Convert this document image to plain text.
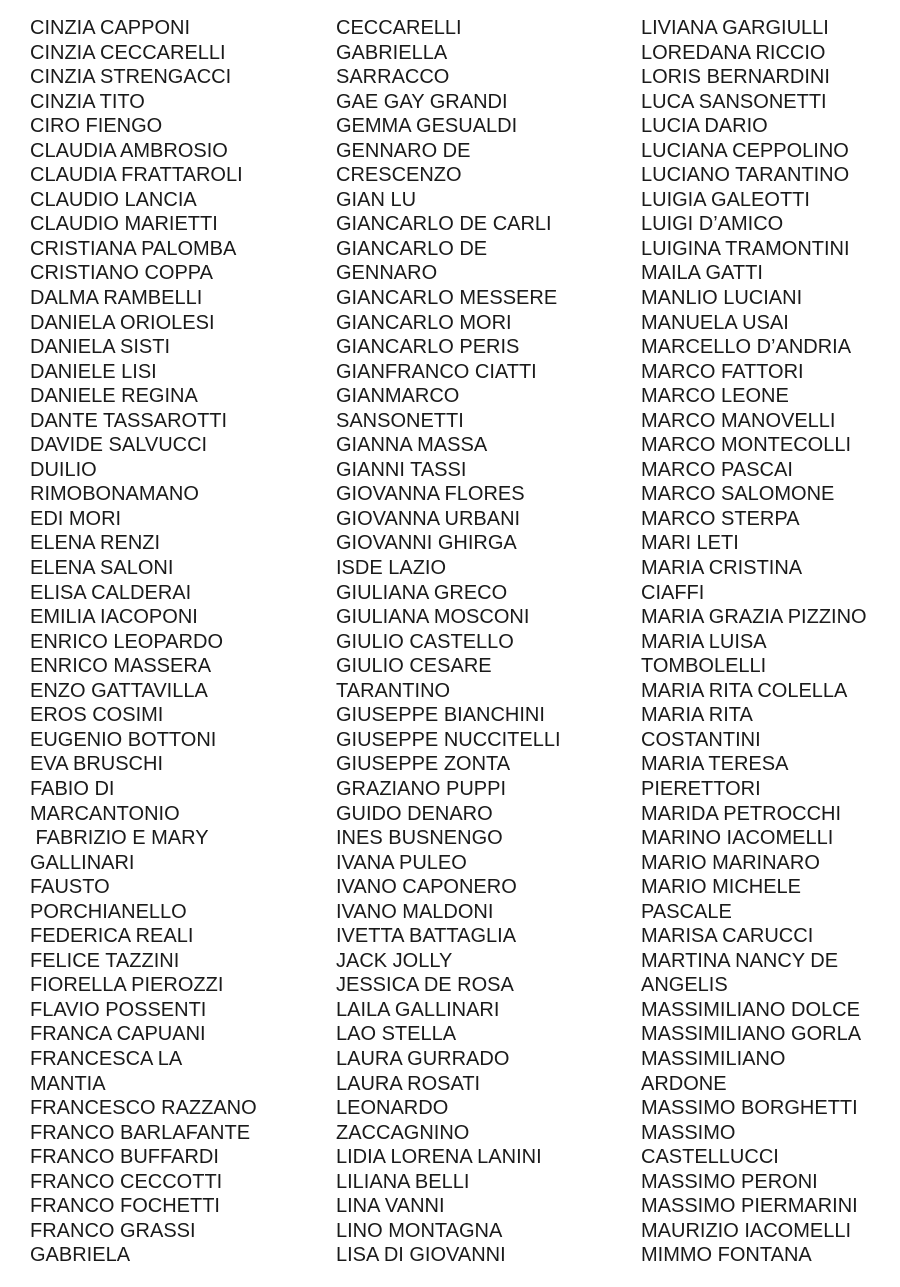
CINZIA CAPPONI
CINZIA CECCARELLI
CINZIA STRENGACCI
CINZIA TITO
CIRO FIENGO
CLAUDIA AMBROSIO
CLAUDIA FRATTAROLI
CLAUDIO LANCIA
CLAUDIO MARIETTI
CRISTIANA PALOMBA
CRISTIANO COPPA
DALMA RAMBELLI
DANIELA ORIOLESI
DANIELA SISTI
DANIELE LISI
DANIELE REGINA
DANTE TASSAROTTI
DAVIDE SALVUCCI
DUILIO
RIMOBONAMANO
EDI MORI
ELENA RENZI
ELENA SALONI
ELISA CALDERAI
EMILIA IACOPONI
ENRICO LEOPARDO
ENRICO MASSERA
ENZO GATTAVILLA
EROS COSIMI
EUGENIO BOTTONI
EVA BRUSCHI
FABIO DI
MARCANTONIO
FABRIZIO E MARY
GALLINARI
FAUSTO
PORCHIANELLO
FEDERICA REALI
FELICE TAZZINI
FIORELLA PIEROZZI
FLAVIO POSSENTI
FRANCA CAPUANI
FRANCESCA LA
MANTIA
FRANCESCO RAZZANO
FRANCO BARLAFANTE
FRANCO BUFFARDI
FRANCO CECCOTTI
FRANCO FOCHETTI
FRANCO GRASSI
GABRIELA
CECCARELLI
GABRIELLA
SARRACCO
GAE GAY GRANDI
GEMMA GESUALDI
GENNARO DE
CRESCENZO
GIAN LU
GIANCARLO DE CARLI
GIANCARLO DE
GENNARO
GIANCARLO MESSERE
GIANCARLO MORI
GIANCARLO PERIS
GIANFRANCO CIATTI
GIANMARCO
SANSONETTI
GIANNA MASSA
GIANNI TASSI
GIOVANNA FLORES
GIOVANNA URBANI
GIOVANNI GHIRGA
ISDE LAZIO
GIULIANA GRECO
GIULIANA MOSCONI
GIULIO CASTELLO
GIULIO CESARE
TARANTINO
GIUSEPPE BIANCHINI
GIUSEPPE NUCCITELLI
GIUSEPPE ZONTA
GRAZIANO PUPPI
GUIDO DENARO
INES BUSNENGO
IVANA PULEO
IVANO CAPONERO
IVANO MALDONI
IVETTA BATTAGLIA
JACK JOLLY
JESSICA DE ROSA
LAILA GALLINARI
LAO STELLA
LAURA GURRADO
LAURA ROSATI
LEONARDO
ZACCAGNINO
LIDIA LORENA LANINI
LILIANA BELLI
LINA VANNI
LINO MONTAGNA
LISA DI GIOVANNI
LIVIANA GARGIULLI
LOREDANA RICCIO
LORIS BERNARDINI
LUCA SANSONETTI
LUCIA DARIO
LUCIANA CEPPOLINO
LUCIANO TARANTINO
LUIGIA GALEOTTI
LUIGI D’AMICO
LUIGINA TRAMONTINI
MAILA GATTI
MANLIO LUCIANI
MANUELA USAI
MARCELLO D’ANDRIA
MARCO FATTORI
MARCO LEONE
MARCO MANOVELLI
MARCO MONTECOLLI
MARCO PASCAI
MARCO SALOMONE
MARCO STERPA
MARI LETI
MARIA CRISTINA
CIAFFI
MARIA GRAZIA PIZZINO
MARIA LUISA
TOMBOLELLI
MARIA RITA COLELLA
MARIA RITA
COSTANTINI
MARIA TERESA
PIERETTORI
MARIDA PETROCCHI
MARINO IACOMELLI
MARIO MARINARO
MARIO MICHELE
PASCALE
MARISA CARUCCI
MARTINA NANCY DE
ANGELIS
MASSIMILIANO DOLCE
MASSIMILIANO GORLA
MASSIMILIANO
ARDONE
MASSIMO BORGHETTI
MASSIMO
CASTELLUCCI
MASSIMO PERONI
MASSIMO PIERMARINI
MAURIZIO IACOMELLI
MIMMO FONTANA
